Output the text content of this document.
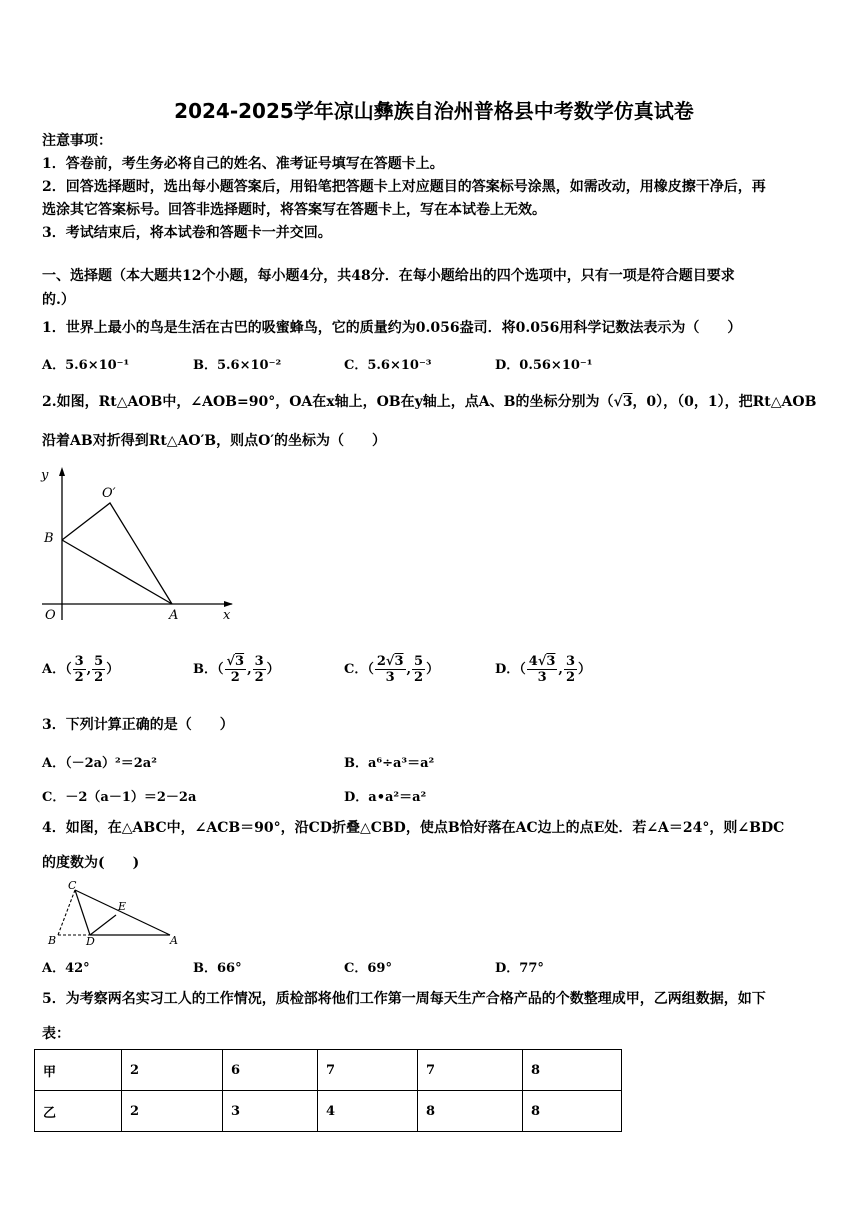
2024-2025学年凉山彝族自治州普格县中考数学仿真试卷
注意事项：
1．答卷前，考生务必将自己的姓名、准考证号填写在答题卡上。
2．回答选择题时，选出每小题答案后，用铅笔把答题卡上对应题目的答案标号涂黑，如需改动，用橡皮擦干净后，再
选涂其它答案标号。回答非选择题时，将答案写在答题卡上，写在本试卷上无效。
3．考试结束后，将本试卷和答题卡一并交回。
一、选择题（本大题共12个小题，每小题4分，共48分．在每小题给出的四个选项中，只有一项是符合题目要求
的.）
1．世界上最小的鸟是生活在古巴的吸蜜蜂鸟，它的质量约为0.056盎司．将0.056用科学记数法表示为（　　）
A．5.6×10⁻¹	B．5.6×10⁻²	C．5.6×10⁻³	D．0.56×10⁻¹
2.如图，Rt△AOB中，∠AOB=90°，OA在x轴上，OB在y轴上，点A、B的坐标分别为（√3，0），（0，1），把Rt△AOB
沿着AB对折得到Rt△AO′B，则点O′的坐标为（　　）
y
x
O	A
B
O′
A．（ $\frac{3}{2}$ , $\frac{5}{2}$ ）	B．（ $\frac{√3}{2}$ , $\frac{3}{2}$ ）	C．（ $\frac{2√3}{3}$ , $\frac{5}{2}$ ）	D．（ $\frac{4√3}{3}$ , $\frac{3}{2}$ ）
3．下列计算正确的是（　　）
A．（－2a）²＝2a²	B．a⁶÷a³＝a²
C．－2（a－1）＝2－2a	D．a•a²＝a²
4．如图，在△ABC中，∠ACB＝90°，沿CD折叠△CBD，使点B恰好落在AC边上的点E处．若∠A＝24°，则∠BDC
的度数为(　　)
C
E
B	D	A
A．42°	B．66°	C．69°	D．77°
5．为考察两名实习工人的工作情况，质检部将他们工作第一周每天生产合格产品的个数整理成甲，乙两组数据，如下
表：
甲	2	6	7	7	8
乙	2	3	4	8	8
